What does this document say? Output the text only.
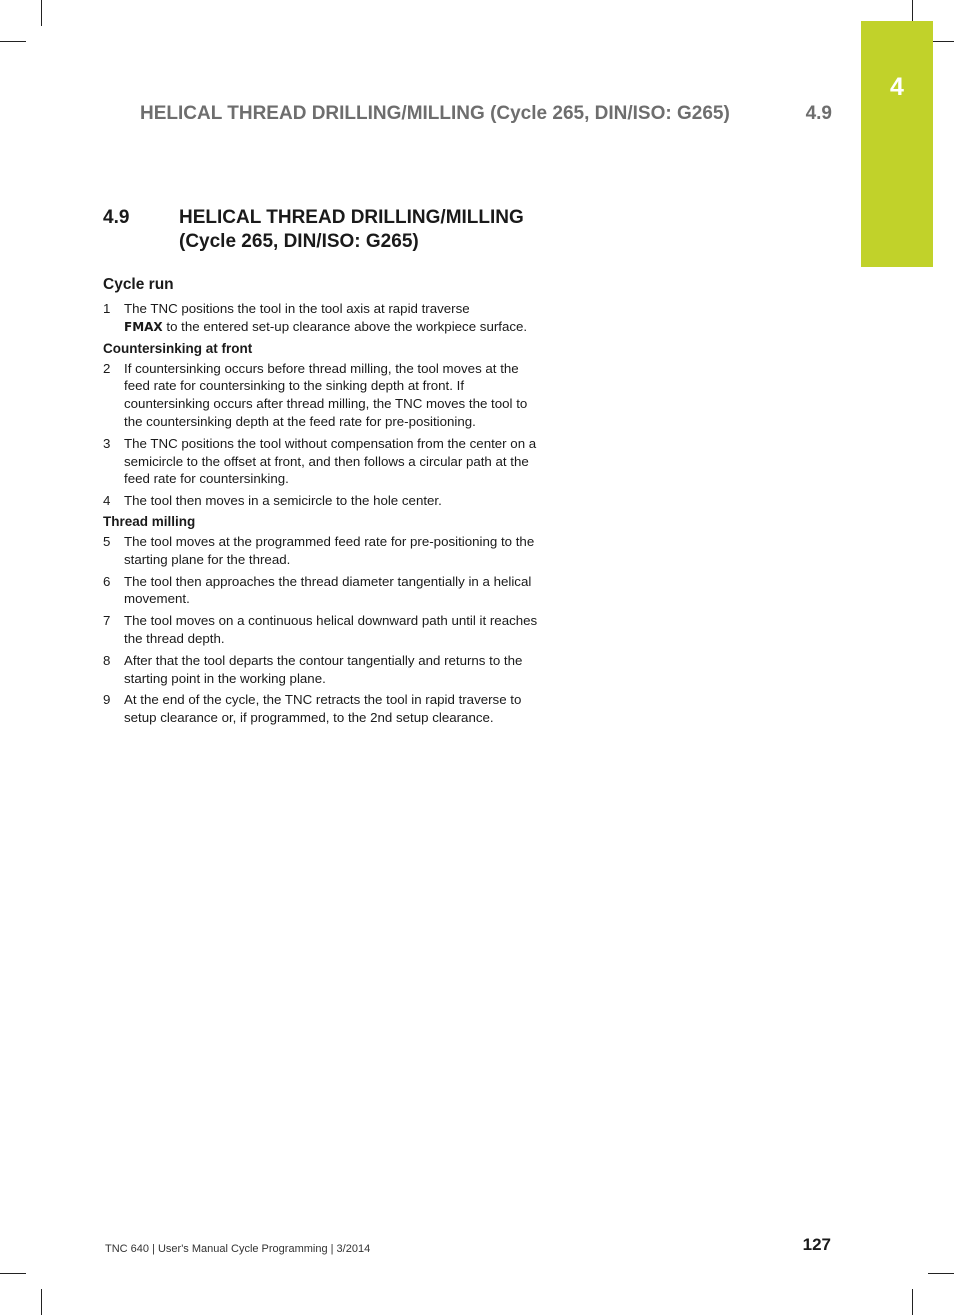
4
HELICAL THREAD DRILLING/MILLING (Cycle 265, DIN/ISO: G265)	4.9
4.9	HELICAL THREAD DRILLING/MILLING
(Cycle 265, DIN/ISO: G265)
Cycle run
1 The TNC positions the tool in the tool axis at rapid traverse
FMAX to the entered set-up clearance above the workpiece surface.
Countersinking at front
2 If countersinking occurs before thread milling, the tool moves at the feed rate for countersinking to the sinking depth at front. If countersinking occurs after thread milling, the TNC moves the tool to the countersinking depth at the feed rate for pre-positioning.
3 The TNC positions the tool without compensation from the center on a semicircle to the offset at front, and then follows a circular path at the feed rate for countersinking.
4 The tool then moves in a semicircle to the hole center.
Thread milling
5 The tool moves at the programmed feed rate for pre-positioning to the starting plane for the thread.
6 The tool then approaches the thread diameter tangentially in a helical movement.
7 The tool moves on a continuous helical downward path until it reaches the thread depth.
8 After that the tool departs the contour tangentially and returns to the starting point in the working plane.
9 At the end of the cycle, the TNC retracts the tool in rapid traverse to setup clearance or, if programmed, to the 2nd setup clearance.
TNC 640 | User's Manual Cycle Programming | 3/2014	127
